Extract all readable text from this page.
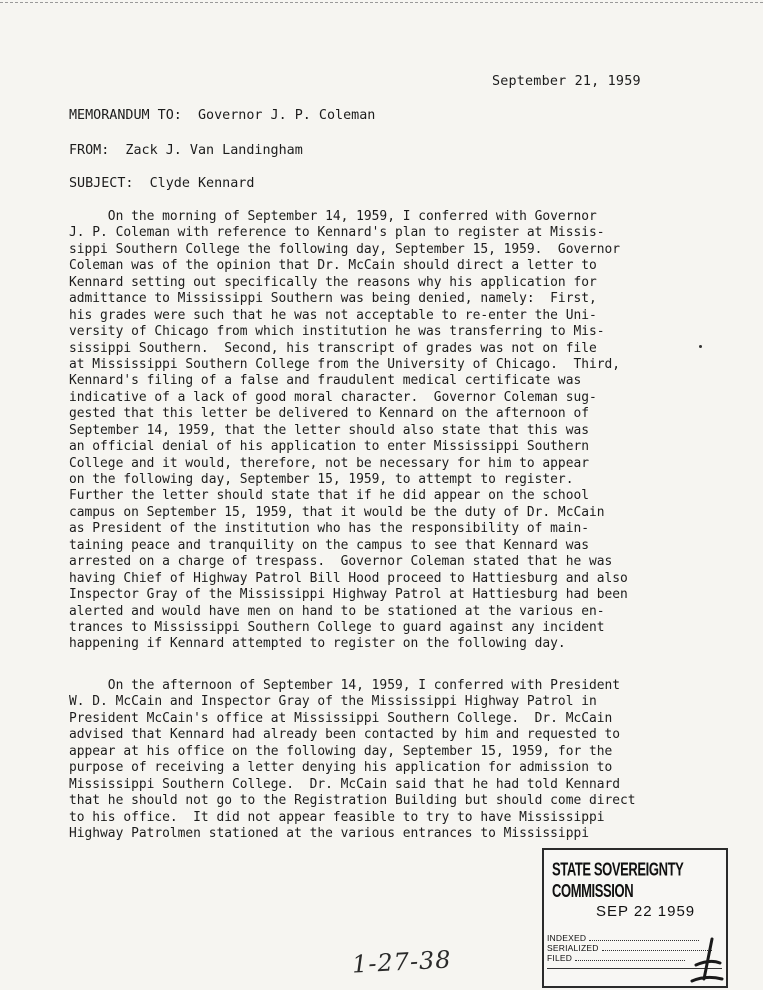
September 21, 1959
MEMORANDUM TO:  Governor J. P. Coleman
FROM:  Zack J. Van Landingham
SUBJECT:  Clyde Kennard
On the morning of September 14, 1959, I conferred with Governor
J. P. Coleman with reference to Kennard's plan to register at Missis-
sippi Southern College the following day, September 15, 1959.  Governor
Coleman was of the opinion that Dr. McCain should direct a letter to
Kennard setting out specifically the reasons why his application for
admittance to Mississippi Southern was being denied, namely:  First,
his grades were such that he was not acceptable to re-enter the Uni-
versity of Chicago from which institution he was transferring to Mis-
sissippi Southern.  Second, his transcript of grades was not on file
at Mississippi Southern College from the University of Chicago.  Third,
Kennard's filing of a false and fraudulent medical certificate was
indicative of a lack of good moral character.  Governor Coleman sug-
gested that this letter be delivered to Kennard on the afternoon of
September 14, 1959, that the letter should also state that this was
an official denial of his application to enter Mississippi Southern
College and it would, therefore, not be necessary for him to appear
on the following day, September 15, 1959, to attempt to register.
Further the letter should state that if he did appear on the school
campus on September 15, 1959, that it would be the duty of Dr. McCain
as President of the institution who has the responsibility of main-
taining peace and tranquility on the campus to see that Kennard was
arrested on a charge of trespass.  Governor Coleman stated that he was
having Chief of Highway Patrol Bill Hood proceed to Hattiesburg and also
Inspector Gray of the Mississippi Highway Patrol at Hattiesburg had been
alerted and would have men on hand to be stationed at the various en-
trances to Mississippi Southern College to guard against any incident
happening if Kennard attempted to register on the following day.
On the afternoon of September 14, 1959, I conferred with President
W. D. McCain and Inspector Gray of the Mississippi Highway Patrol in
President McCain's office at Mississippi Southern College.  Dr. McCain
advised that Kennard had already been contacted by him and requested to
appear at his office on the following day, September 15, 1959, for the
purpose of receiving a letter denying his application for admission to
Mississippi Southern College.  Dr. McCain said that he had told Kennard
that he should not go to the Registration Building but should come direct
to his office.  It did not appear feasible to try to have Mississippi
Highway Patrolmen stationed at the various entrances to Mississippi
STATE SOVEREIGNTY COMMISSION
SEP 22 1959
INDEXED
SERIALIZED
FILED
1-27-38
